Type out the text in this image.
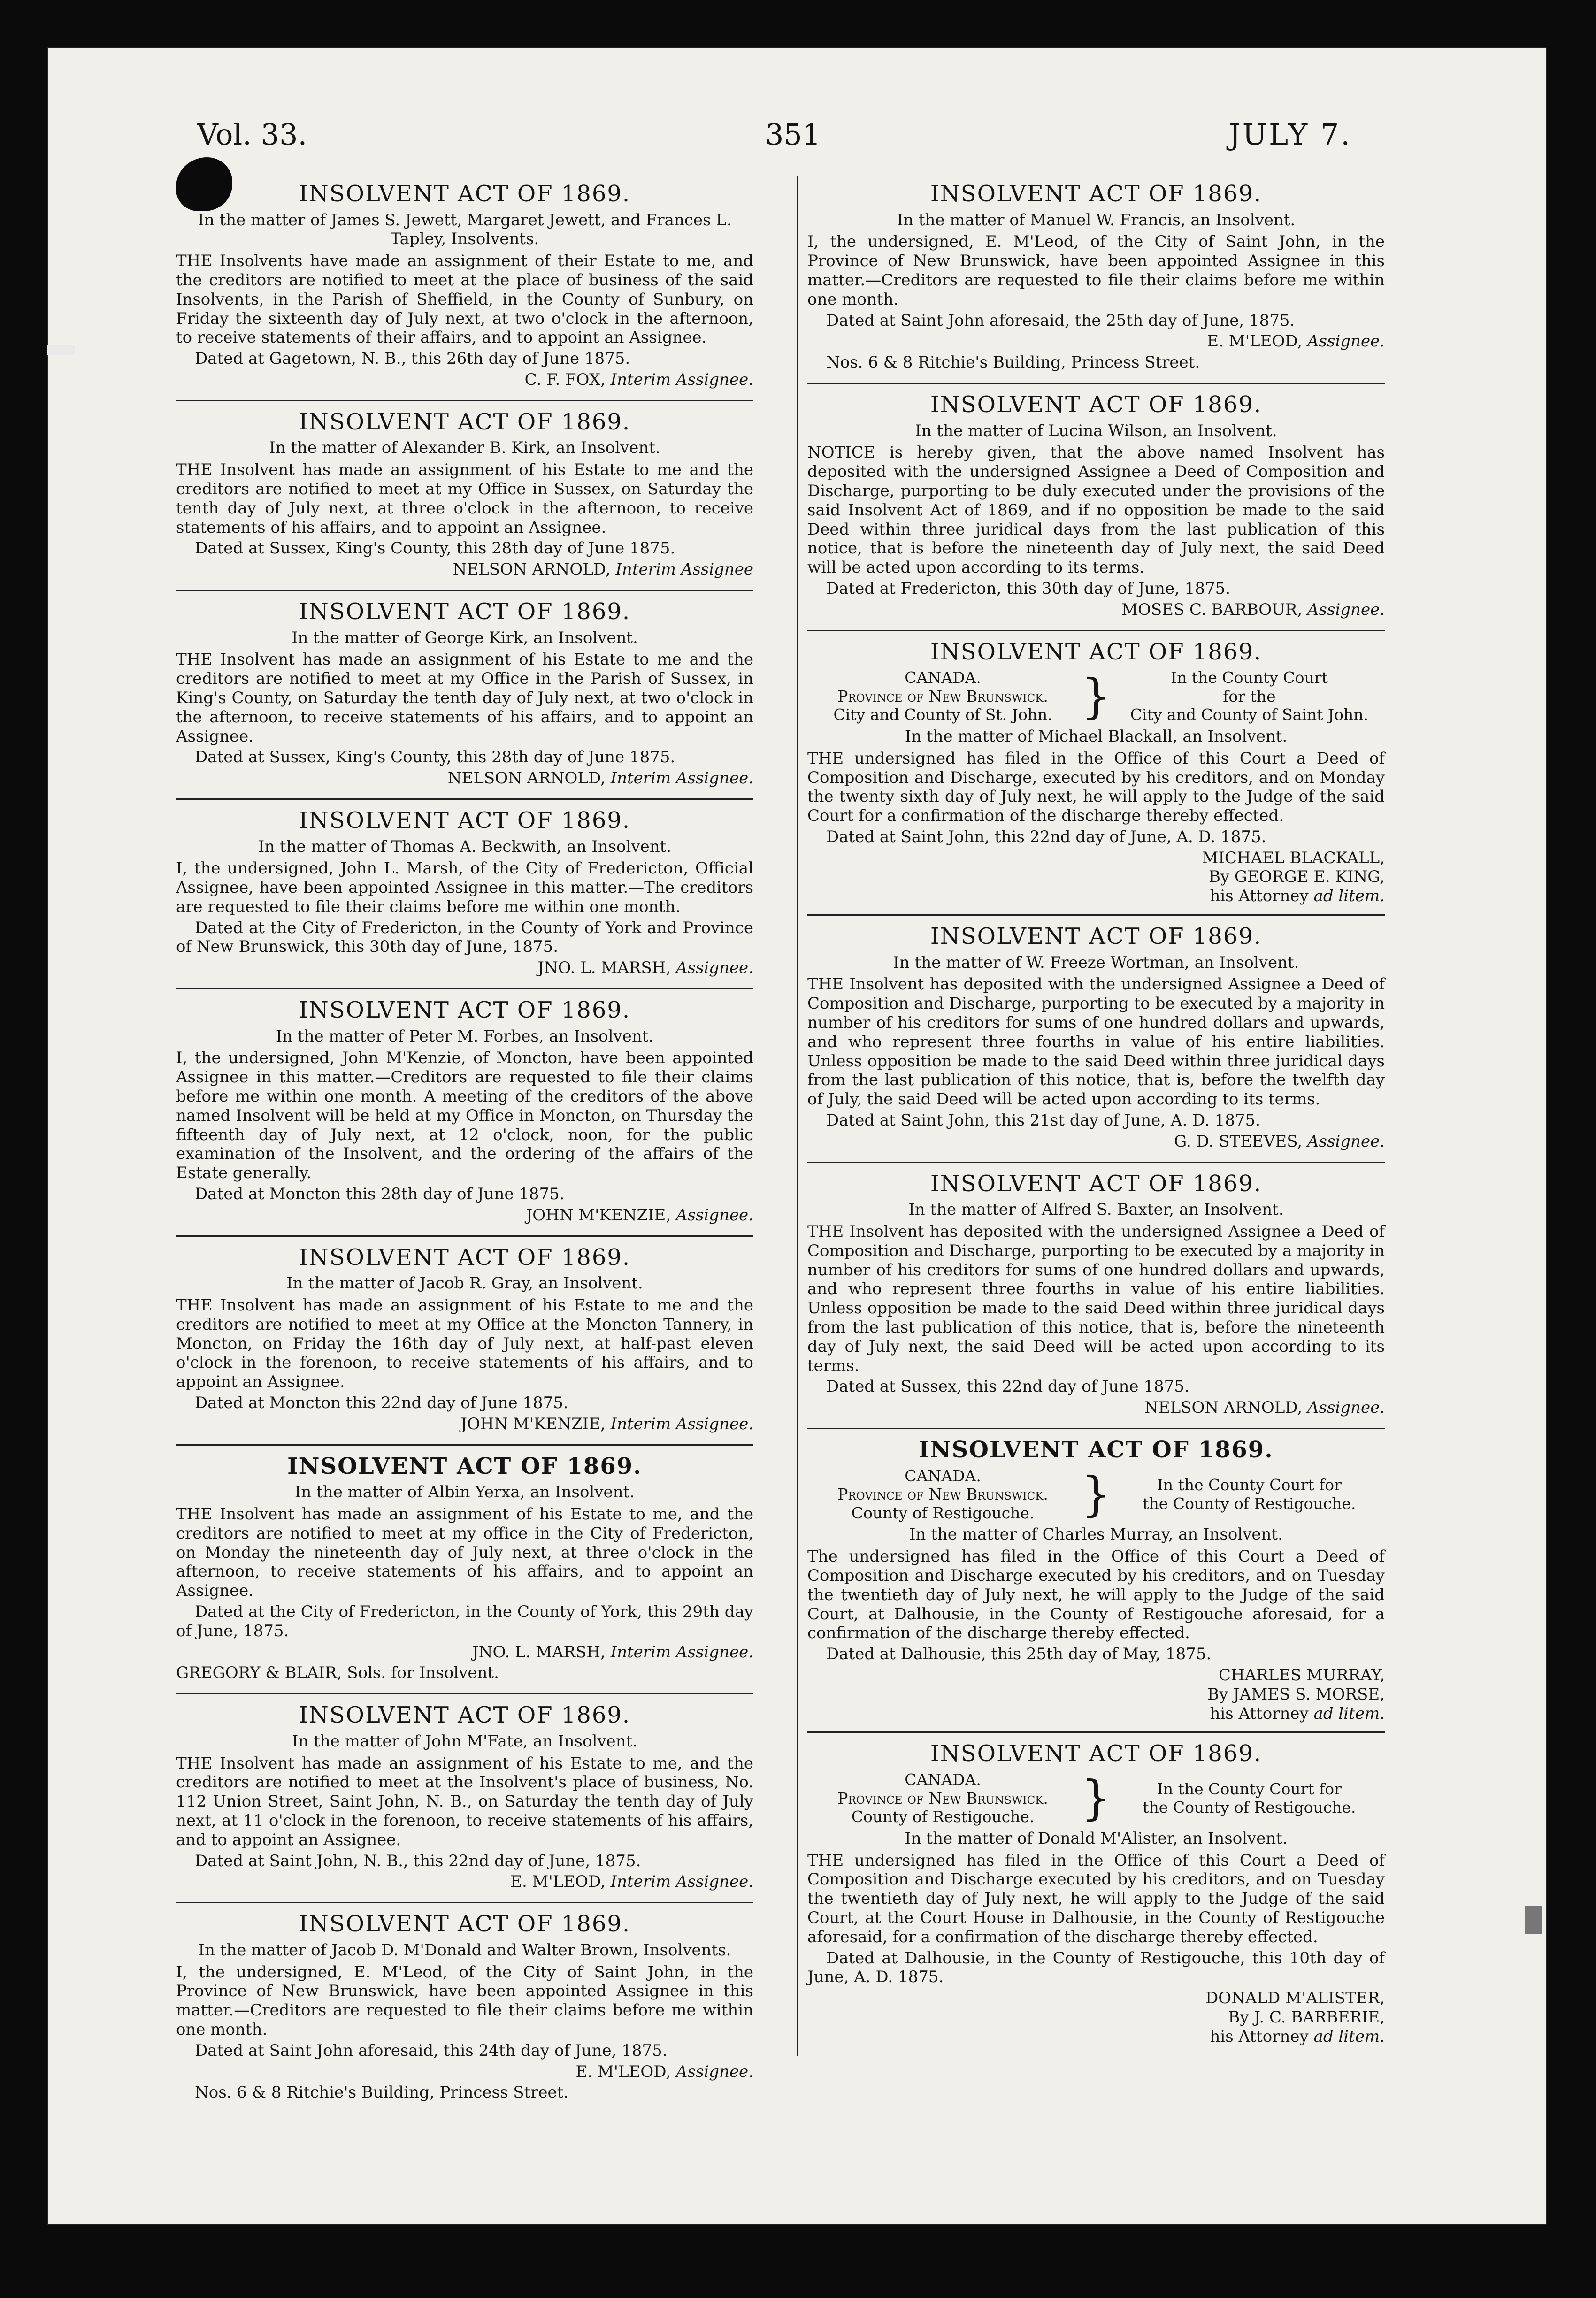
Vol. 33.	351	JULY 7.
INSOLVENT ACT OF 1869.

In the matter of James S. Jewett, Margaret Jewett, and Frances L. Tapley, Insolvents.

THE Insolvents have made an assignment of their Estate to me, and the creditors are notified to meet at the place of business of the said Insolvents, in the Parish of Sheffield, in the County of Sunbury, on Friday the sixteenth day of July next, at two o'clock in the afternoon, to receive statements of their affairs, and to appoint an Assignee.

Dated at Gagetown, N. B., this 26th day of June 1875.

C. F. FOX, Interim Assignee.

INSOLVENT ACT OF 1869.

In the matter of Alexander B. Kirk, an Insolvent.

THE Insolvent has made an assignment of his Estate to me and the creditors are notified to meet at my Office in Sussex, on Saturday the tenth day of July next, at three o'clock in the afternoon, to receive statements of his affairs, and to appoint an Assignee.

Dated at Sussex, King's County, this 28th day of June 1875.

NELSON ARNOLD, Interim Assignee

INSOLVENT ACT OF 1869.

In the matter of George Kirk, an Insolvent.

THE Insolvent has made an assignment of his Estate to me and the creditors are notified to meet at my Office in the Parish of Sussex, in King's County, on Saturday the tenth day of July next, at two o'clock in the afternoon, to receive statements of his affairs, and to appoint an Assignee.

Dated at Sussex, King's County, this 28th day of June 1875.

NELSON ARNOLD, Interim Assignee.

INSOLVENT ACT OF 1869.

In the matter of Thomas A. Beckwith, an Insolvent.

I, the undersigned, John L. Marsh, of the City of Fredericton, Official Assignee, have been appointed Assignee in this matter.—The creditors are requested to file their claims before me within one month.

Dated at the City of Fredericton, in the County of York and Province of New Brunswick, this 30th day of June, 1875.

JNO. L. MARSH, Assignee.

INSOLVENT ACT OF 1869.

In the matter of Peter M. Forbes, an Insolvent.

I, the undersigned, John M'Kenzie, of Moncton, have been appointed Assignee in this matter.—Creditors are requested to file their claims before me within one month. A meeting of the creditors of the above named Insolvent will be held at my Office in Moncton, on Thursday the fifteenth day of July next, at 12 o'clock, noon, for the public examination of the Insolvent, and the ordering of the affairs of the Estate generally.

Dated at Moncton this 28th day of June 1875.

JOHN M'KENZIE, Assignee.

INSOLVENT ACT OF 1869.

In the matter of Jacob R. Gray, an Insolvent.

THE Insolvent has made an assignment of his Estate to me and the creditors are notified to meet at my Office at the Moncton Tannery, in Moncton, on Friday the 16th day of July next, at half-past eleven o'clock in the forenoon, to receive statements of his affairs, and to appoint an Assignee.

Dated at Moncton this 22nd day of June 1875.

JOHN M'KENZIE, Interim Assignee.

INSOLVENT ACT OF 1869.

In the matter of Albin Yerxa, an Insolvent.

THE Insolvent has made an assignment of his Estate to me, and the creditors are notified to meet at my office in the City of Fredericton, on Monday the nineteenth day of July next, at three o'clock in the afternoon, to receive statements of his affairs, and to appoint an Assignee.

Dated at the City of Fredericton, in the County of York, this 29th day of June, 1875.

JNO. L. MARSH, Interim Assignee.

GREGORY & BLAIR, Sols. for Insolvent.

INSOLVENT ACT OF 1869.

In the matter of John M'Fate, an Insolvent.

THE Insolvent has made an assignment of his Estate to me, and the creditors are notified to meet at the Insolvent's place of business, No. 112 Union Street, Saint John, N. B., on Saturday the tenth day of July next, at 11 o'clock in the forenoon, to receive statements of his affairs, and to appoint an Assignee.

Dated at Saint John, N. B., this 22nd day of June, 1875.

E. M'LEOD, Interim Assignee.

INSOLVENT ACT OF 1869.

In the matter of Jacob D. M'Donald and Walter Brown, Insolvents.

I, the undersigned, E. M'Leod, of the City of Saint John, in the Province of New Brunswick, have been appointed Assignee in this matter.—Creditors are requested to file their claims before me within one month.

Dated at Saint John aforesaid, this 24th day of June, 1875.

E. M'LEOD, Assignee.

Nos. 6 & 8 Ritchie's Building, Princess Street.

INSOLVENT ACT OF 1869.

In the matter of Manuel W. Francis, an Insolvent.

I, the undersigned, E. M'Leod, of the City of Saint John, in the Province of New Brunswick, have been appointed Assignee in this matter.—Creditors are requested to file their claims before me within one month.

Dated at Saint John aforesaid, the 25th day of June, 1875.

E. M'LEOD, Assignee.

Nos. 6 & 8 Ritchie's Building, Princess Street.

INSOLVENT ACT OF 1869.

In the matter of Lucina Wilson, an Insolvent.

NOTICE is hereby given, that the above named Insolvent has deposited with the undersigned Assignee a Deed of Composition and Discharge, purporting to be duly executed under the provisions of the said Insolvent Act of 1869, and if no opposition be made to the said Deed within three juridical days from the last publication of this notice, that is before the nineteenth day of July next, the said Deed will be acted upon according to its terms.

Dated at Fredericton, this 30th day of June, 1875.

MOSES C. BARBOUR, Assignee.

INSOLVENT ACT OF 1869.
CANADA.
Province of New Brunswick.
City and County of St. John. }	In the County Court
for the
City and County of Saint John.

In the matter of Michael Blackall, an Insolvent.

THE undersigned has filed in the Office of this Court a Deed of Composition and Discharge, executed by his creditors, and on Monday the twenty sixth day of July next, he will apply to the Judge of the said Court for a confirmation of the discharge thereby effected.

Dated at Saint John, this 22nd day of June, A. D. 1875.

MICHAEL BLACKALL,
By GEORGE E. KING,
his Attorney ad litem.
INSOLVENT ACT OF 1869.

In the matter of W. Freeze Wortman, an Insolvent.

THE Insolvent has deposited with the undersigned Assignee a Deed of Composition and Discharge, purporting to be executed by a majority in number of his creditors for sums of one hundred dollars and upwards, and who represent three fourths in value of his entire liabilities. Unless opposition be made to the said Deed within three juridical days from the last publication of this notice, that is, before the twelfth day of July, the said Deed will be acted upon according to its terms.

Dated at Saint John, this 21st day of June, A. D. 1875.

G. D. STEEVES, Assignee.

INSOLVENT ACT OF 1869.

In the matter of Alfred S. Baxter, an Insolvent.

THE Insolvent has deposited with the undersigned Assignee a Deed of Composition and Discharge, purporting to be executed by a majority in number of his creditors for sums of one hundred dollars and upwards, and who represent three fourths in value of his entire liabilities. Unless opposition be made to the said Deed within three juridical days from the last publication of this notice, that is, before the nineteenth day of July next, the said Deed will be acted upon according to its terms.

Dated at Sussex, this 22nd day of June 1875.

NELSON ARNOLD, Assignee.

INSOLVENT ACT OF 1869.
CANADA.
Province of New Brunswick.
County of Restigouche. }	In the County Court for
the County of Restigouche.

In the matter of Charles Murray, an Insolvent.

The undersigned has filed in the Office of this Court a Deed of Composition and Discharge executed by his creditors, and on Tuesday the twentieth day of July next, he will apply to the Judge of the said Court, at Dalhousie, in the County of Restigouche aforesaid, for a confirmation of the discharge thereby effected.

Dated at Dalhousie, this 25th day of May, 1875.

CHARLES MURRAY,
By JAMES S. MORSE,
his Attorney ad litem.
INSOLVENT ACT OF 1869.
CANADA.
Province of New Brunswick.
County of Restigouche. }	In the County Court for
the County of Restigouche.

In the matter of Donald M'Alister, an Insolvent.

THE undersigned has filed in the Office of this Court a Deed of Composition and Discharge executed by his creditors, and on Tuesday the twentieth day of July next, he will apply to the Judge of the said Court, at the Court House in Dalhousie, in the County of Restigouche aforesaid, for a confirmation of the discharge thereby effected.

Dated at Dalhousie, in the County of Restigouche, this 10th day of June, A. D. 1875.

DONALD M'ALISTER,
By J. C. BARBERIE,
his Attorney ad litem.
